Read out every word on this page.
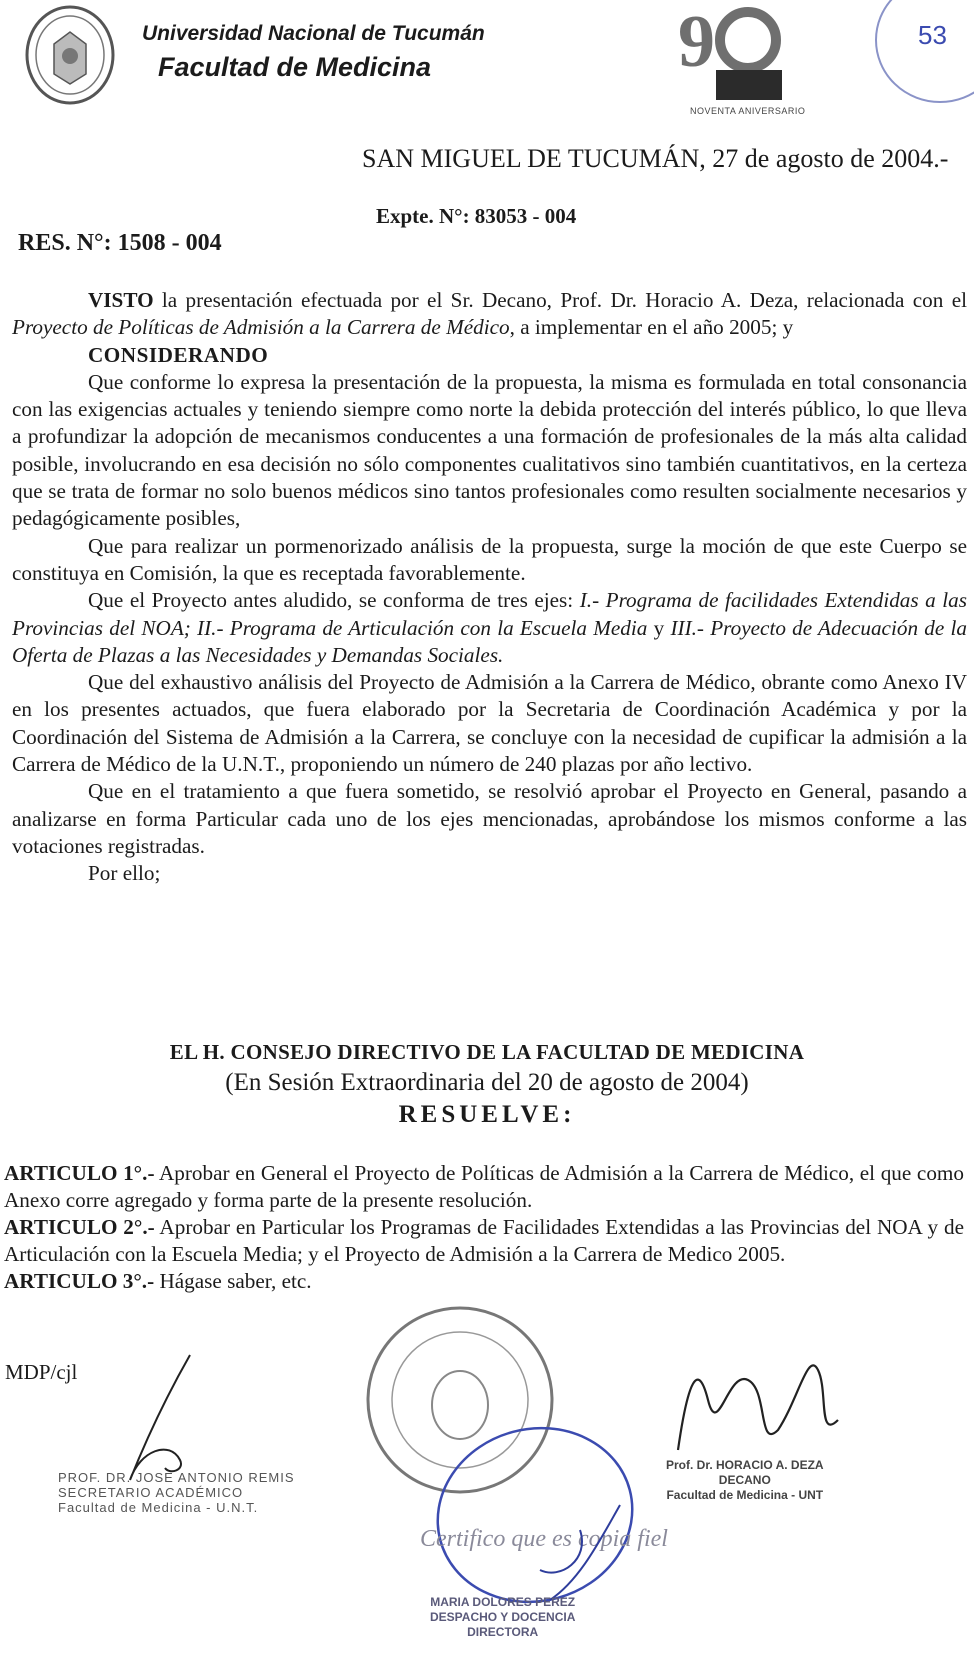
Universidad Nacional de Tucumán
Facultad de Medicina	9
NOVENTA ANIVERSARIO
53
SAN MIGUEL DE TUCUMÁN, 27 de agosto de 2004.-
Expte. N°: 83053 - 004
RES. N°: 1508 - 004

VISTO la presentación efectuada por el Sr. Decano, Prof. Dr. Horacio A. Deza, relacionada con el Proyecto de Políticas de Admisión a la Carrera de Médico, a implementar en el año 2005; y

CONSIDERANDO

Que conforme lo expresa la presentación de la propuesta, la misma es formulada en total consonancia con las exigencias actuales y teniendo siempre como norte la debida protección del interés público, lo que lleva a profundizar la adopción de mecanismos conducentes a una formación de profesionales de la más alta calidad posible, involucrando en esa decisión no sólo componentes cualitativos sino también cuantitativos, en la certeza que se trata de formar no solo buenos médicos sino tantos profesionales como resulten socialmente necesarios y pedagógicamente posibles,

Que para realizar un pormenorizado análisis de la propuesta, surge la moción de que este Cuerpo se constituya en Comisión, la que es receptada favorablemente.

Que el Proyecto antes aludido, se conforma de tres ejes: I.- Programa de facilidades Extendidas a las Provincias del NOA; II.- Programa de Articulación con la Escuela Media y III.- Proyecto de Adecuación de la Oferta de Plazas a las Necesidades y Demandas Sociales.

Que del exhaustivo análisis del Proyecto de Admisión a la Carrera de Médico, obrante como Anexo IV en los presentes actuados, que fuera elaborado por la Secretaria de Coordinación Académica y por la Coordinación del Sistema de Admisión a la Carrera, se concluye con la necesidad de cupificar la admisión a la Carrera de Médico de la U.N.T., proponiendo un número de 240 plazas por año lectivo.

Que en el tratamiento a que fuera sometido, se resolvió aprobar el Proyecto en General, pasando a analizarse en forma Particular cada uno de los ejes mencionadas, aprobándose los mismos conforme a las votaciones registradas.

Por ello;

EL H. CONSEJO DIRECTIVO DE LA FACULTAD DE MEDICINA
(En Sesión Extraordinaria del 20 de agosto de 2004)
RESUELVE:

ARTICULO 1°.- Aprobar en General el Proyecto de Políticas de Admisión a la Carrera de Médico, el que como Anexo corre agregado y forma parte de la presente resolución.

ARTICULO 2°.- Aprobar en Particular los Programas de Facilidades Extendidas a las Provincias del NOA y de Articulación con la Escuela Media; y el Proyecto de Admisión a la Carrera de Medico 2005.

ARTICULO 3°.- Hágase saber, etc.

MDP/cjl
PROF. DR. JOSE ANTONIO REMIS
SECRETARIO ACADÉMICO
Facultad de Medicina - U.N.T.
Prof. Dr. HORACIO A. DEZA
DECANO
Facultad de Medicina - UNT
Certifico que es copia fiel
MARIA DOLORES PEREZ
DESPACHO Y DOCENCIA
DIRECTORA
